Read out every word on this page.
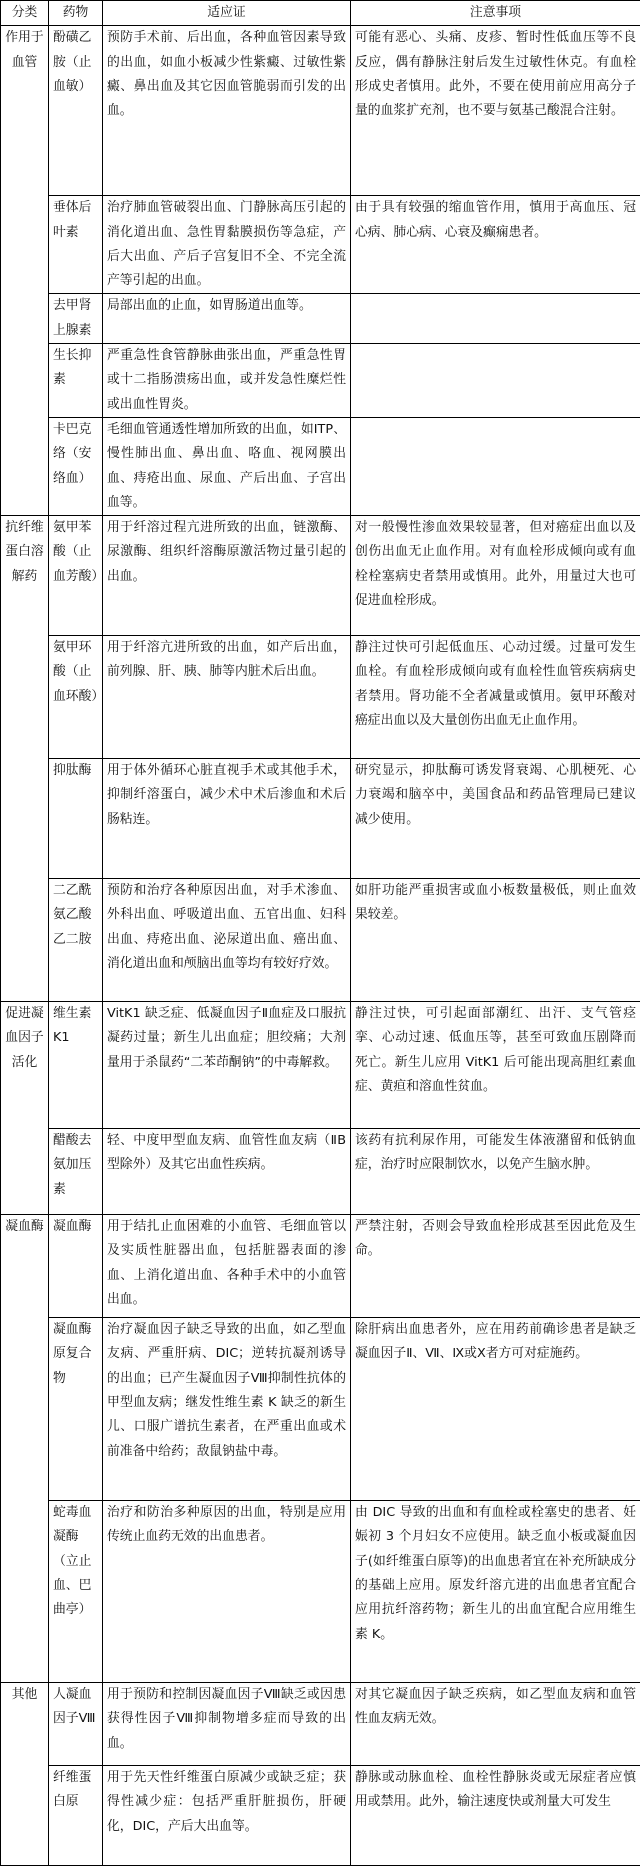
分类	药物	适应证	注意事项
作用于血管	酚磺乙胺（止血敏）	预防手术前、后出血，各种血管因素导致的出血，如血小板减少性紫癜、过敏性紫癜、鼻出血及其它因血管脆弱而引发的出血。	可能有恶心、头痛、皮疹、暂时性低血压等不良反应，偶有静脉注射后发生过敏性休克。有血栓形成史者慎用。此外，不要在使用前应用高分子量的血浆扩充剂，也不要与氨基己酸混合注射。
	垂体后叶素	治疗肺血管破裂出血、门静脉高压引起的消化道出血、急性胃黏膜损伤等急症，产后大出血、产后子宫复旧不全、不完全流产等引起的出血。	由于具有较强的缩血管作用，慎用于高血压、冠心病、肺心病、心衰及癫痫患者。
	去甲肾上腺素	局部出血的止血，如胃肠道出血等。	
	生长抑素	严重急性食管静脉曲张出血，严重急性胃或十二指肠溃疡出血，或并发急性糜烂性或出血性胃炎。	
	卡巴克络（安络血）	毛细血管通透性增加所致的出血，如ITP、慢性肺出血、鼻出血、咯血、视网膜出血、痔疮出血、尿血、产后出血、子宫出血等。	
抗纤维蛋白溶解药	氨甲苯酸（止血芳酸）	用于纤溶过程亢进所致的出血，链激酶、尿激酶、组织纤溶酶原激活物过量引起的出血。	对一般慢性渗血效果较显著，但对癌症出血以及创伤出血无止血作用。对有血栓形成倾向或有血栓栓塞病史者禁用或慎用。此外，用量过大也可促进血栓形成。
	氨甲环酸（止血环酸）	用于纤溶亢进所致的出血，如产后出血，前列腺、肝、胰、肺等内脏术后出血。	静注过快可引起低血压、心动过缓。过量可发生血栓。有血栓形成倾向或有血栓性血管疾病病史者禁用。肾功能不全者减量或慎用。氨甲环酸对癌症出血以及大量创伤出血无止血作用。
	抑肽酶	用于体外循环心脏直视手术或其他手术，抑制纤溶蛋白，减少术中术后渗血和术后肠粘连。	研究显示，抑肽酶可诱发肾衰竭、心肌梗死、心力衰竭和脑卒中，美国食品和药品管理局已建议减少使用。
	二乙酰氨乙酸乙二胺	预防和治疗各种原因出血，对手术渗血、外科出血、呼吸道出血、五官出血、妇科出血、痔疮出血、泌尿道出血、癌出血、消化道出血和颅脑出血等均有较好疗效。	如肝功能严重损害或血小板数量极低，则止血效果较差。
促进凝血因子活化	维生素K1	VitK1 缺乏症、低凝血因子Ⅱ血症及口服抗凝药过量；新生儿出血症；胆绞痛；大剂量用于杀鼠药“二苯茚酮钠”的中毒解救。	静注过快，可引起面部潮红、出汗、支气管痉挛、心动过速、低血压等，甚至可致血压剧降而死亡。新生儿应用 VitK1 后可能出现高胆红素血症、黄疸和溶血性贫血。
	醋酸去氨加压素	轻、中度甲型血友病、血管性血友病（ⅡB 型除外）及其它出血性疾病。	该药有抗利尿作用，可能发生体液潴留和低钠血症，治疗时应限制饮水，以免产生脑水肿。
凝血酶	凝血酶	用于结扎止血困难的小血管、毛细血管以及实质性脏器出血，包括脏器表面的渗血、上消化道出血、各种手术中的小血管出血。	严禁注射，否则会导致血栓形成甚至因此危及生命。
	凝血酶原复合物	治疗凝血因子缺乏导致的出血，如乙型血友病、严重肝病、DIC；逆转抗凝剂诱导的出血；已产生凝血因子Ⅷ抑制性抗体的甲型血友病；继发性维生素 K 缺乏的新生儿、口服广谱抗生素者，在严重出血或术前准备中给药；敌鼠钠盐中毒。	除肝病出血患者外，应在用药前确诊患者是缺乏凝血因子Ⅱ、Ⅶ、Ⅸ或Ⅹ者方可对症施药。
	蛇毒血凝酶（立止血、巴曲亭）	治疗和防治多种原因的出血，特别是应用传统止血药无效的出血患者。	由 DIC 导致的出血和有血栓或栓塞史的患者、妊娠初 3 个月妇女不应使用。缺乏血小板或凝血因子(如纤维蛋白原等)的出血患者宜在补充所缺成分的基础上应用。原发纤溶亢进的出血患者宜配合应用抗纤溶药物；新生儿的出血宜配合应用维生素 K。
其他	人凝血因子Ⅷ	用于预防和控制因凝血因子Ⅷ缺乏或因患获得性因子Ⅷ抑制物增多症而导致的出血。	对其它凝血因子缺乏疾病，如乙型血友病和血管性血友病无效。
	纤维蛋白原	用于先天性纤维蛋白原减少或缺乏症；获得性减少症：包括严重肝脏损伤，肝硬化，DIC，产后大出血等。	静脉或动脉血栓、血栓性静脉炎或无尿症者应慎用或禁用。此外，输注速度快或剂量大可发生
